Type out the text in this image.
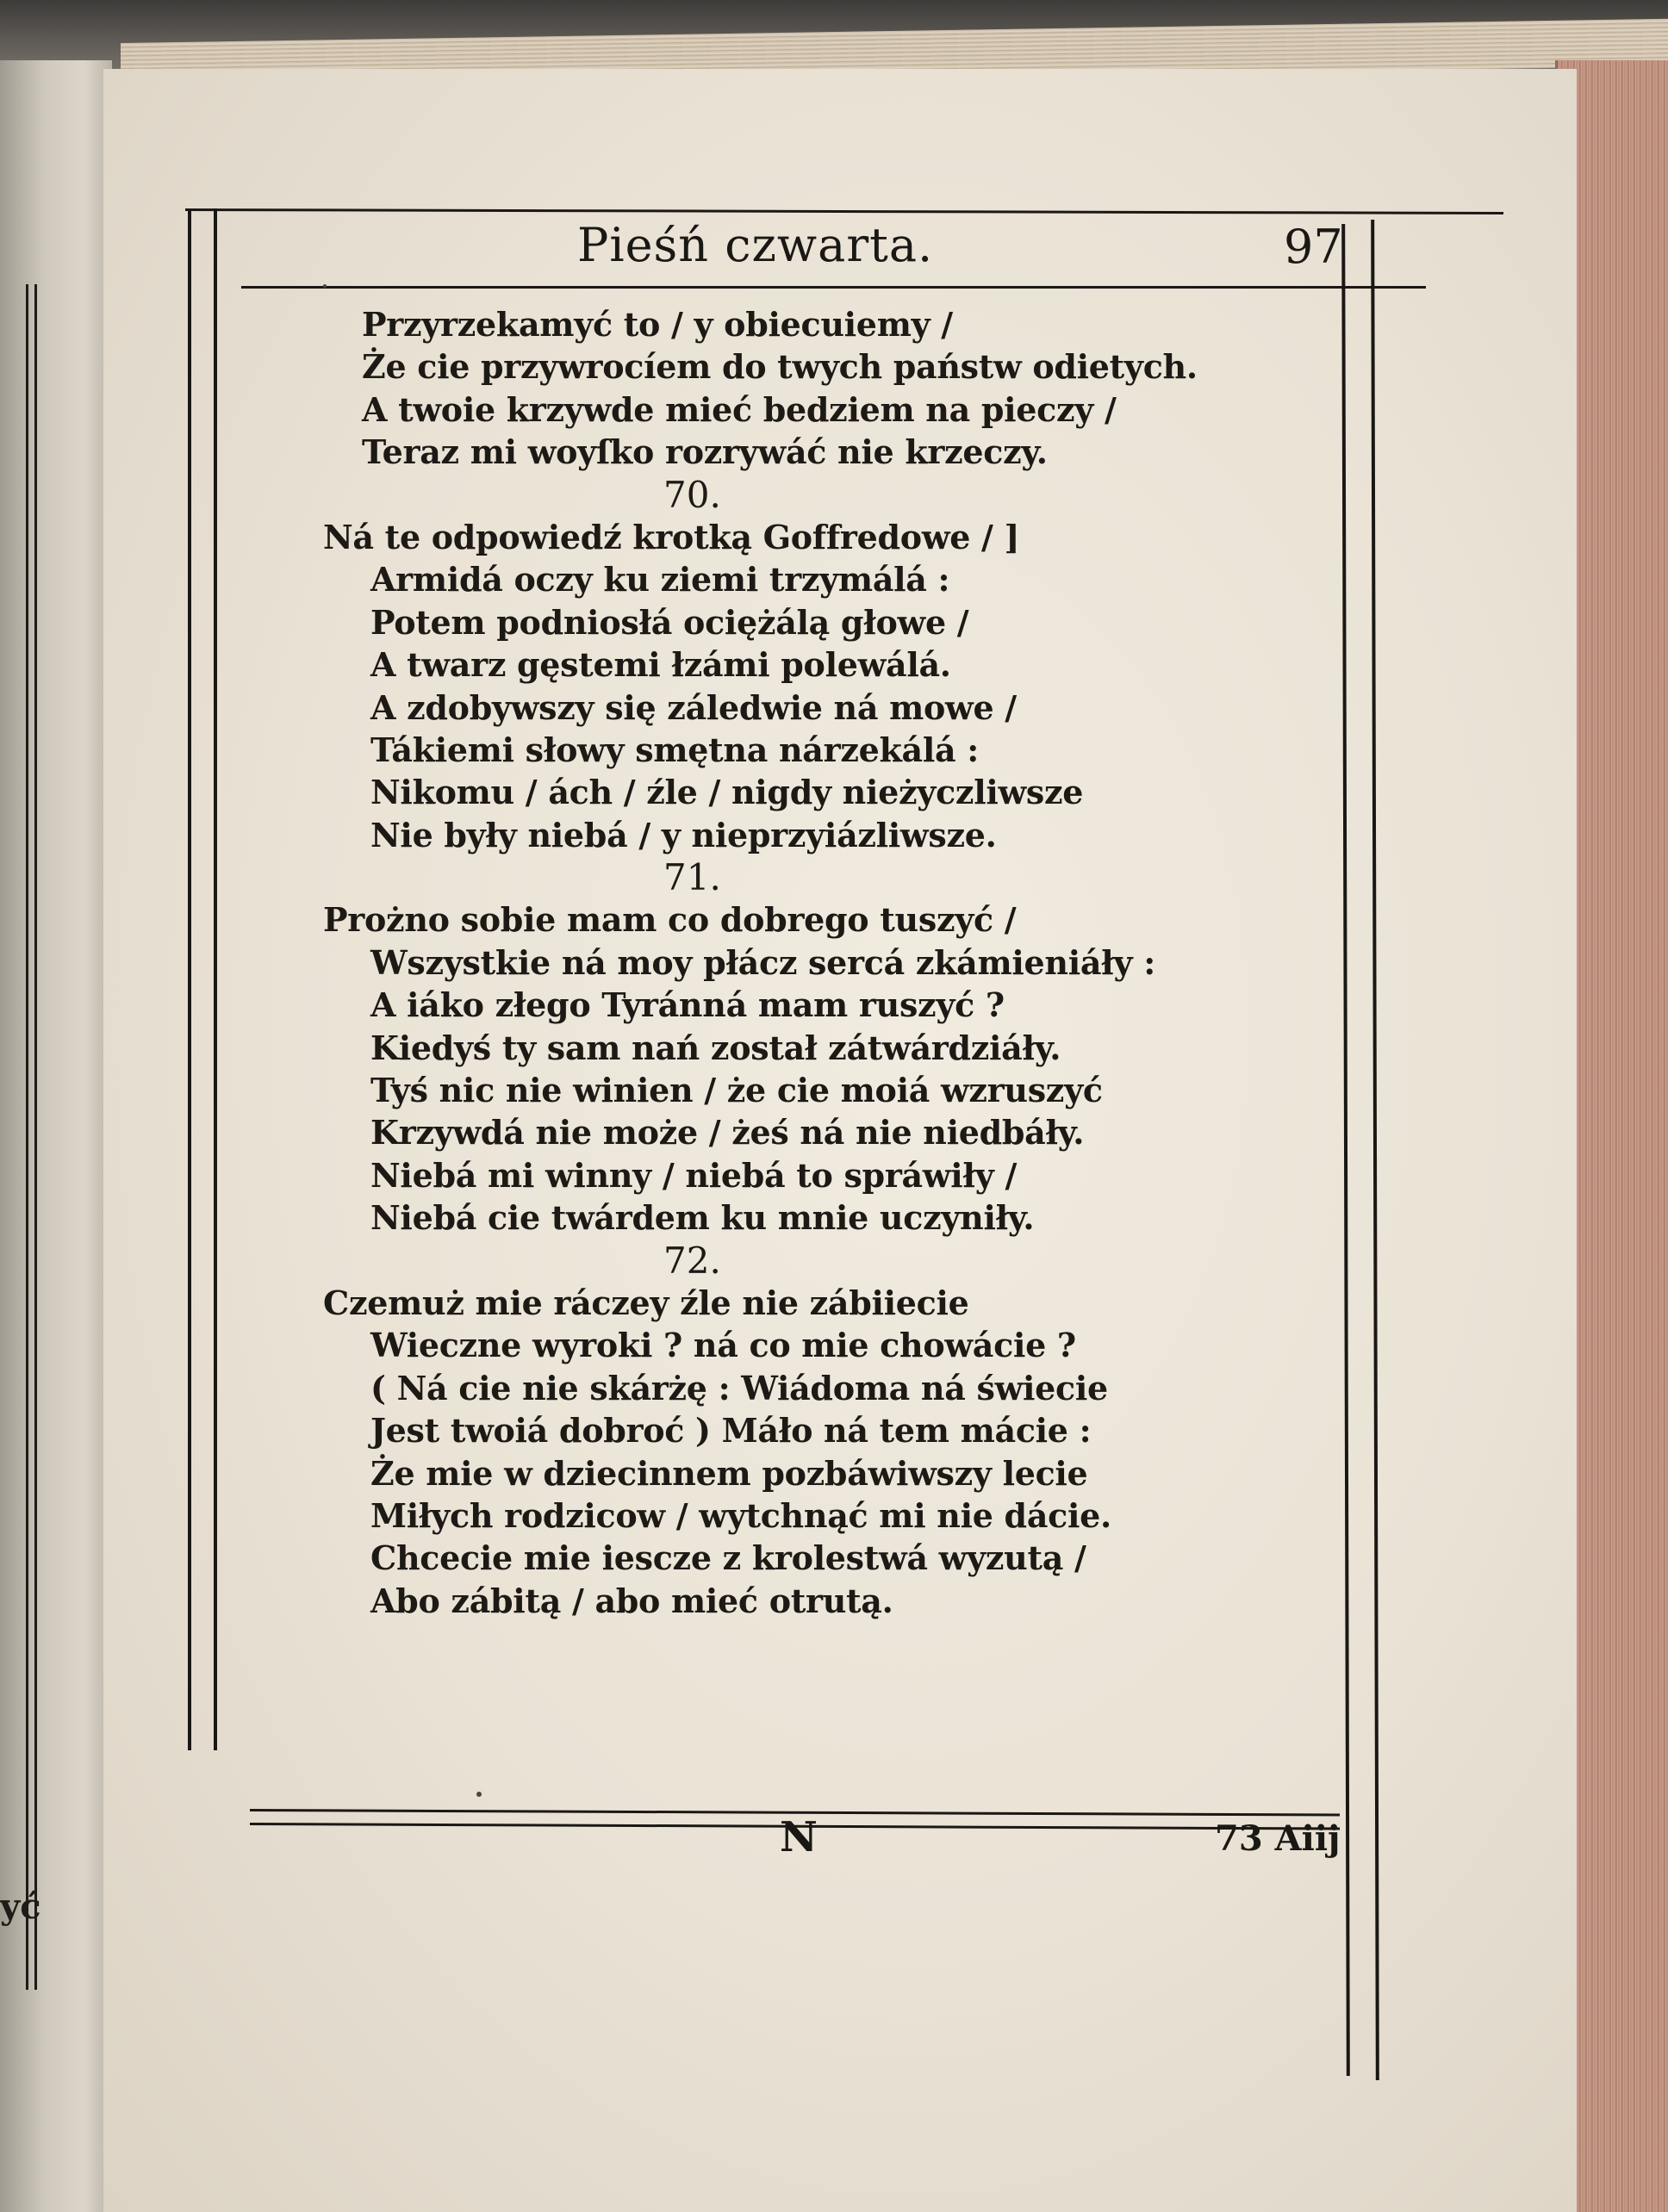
yć
Pieśń czwarta.	97
Przyrzekamyć to / y obiecuiemy /
Że cie przywrocíem do twych państw odietych.
A twoie krzywde mieć bedziem na pieczy /
Teraz mi woyſko rozrywáć nie krzeczy.
70.
Ná te odpowiedź krotką Goffredowe / ]
Armidá oczy ku ziemi trzymálá :
Potem podniosłá ociężálą głowe /
A twarz gęstemi łzámi polewálá.
A zdobywszy się záledwie ná mowe /
Tákiemi słowy smętna nárzekálá :
Nikomu / ách / źle / nigdy nieżyczliwsze
Nie były niebá / y nieprzyiázliwsze.
71.
Prożno sobie mam co dobrego tuszyć /
Wszystkie ná moy płácz sercá zkámieniáły :
A iáko złego Tyránná mam ruszyć ?
Kiedyś ty sam nań został zátwárdziáły.
Tyś nic nie winien / że cie moiá wzruszyć
Krzywdá nie może / żeś ná nie niedbáły.
Niebá mi winny / niebá to spráwiły /
Niebá cie twárdem ku mnie uczyniły.
72.
Czemuż mie ráczey źle nie zábiiecie
Wieczne wyroki ? ná co mie chowácie ?
( Ná cie nie skárżę : Wiádoma ná świecie
Jest twoiá dobroć ) Máło ná tem mácie :
Że mie w dziecinnem pozbáwiwszy lecie
Miłych rodzicow / wytchnąć mi nie dácie.
Chcecie mie iescze z krolestwá wyzutą /
Abo zábitą / abo mieć otrutą.
N	73 Aiij
